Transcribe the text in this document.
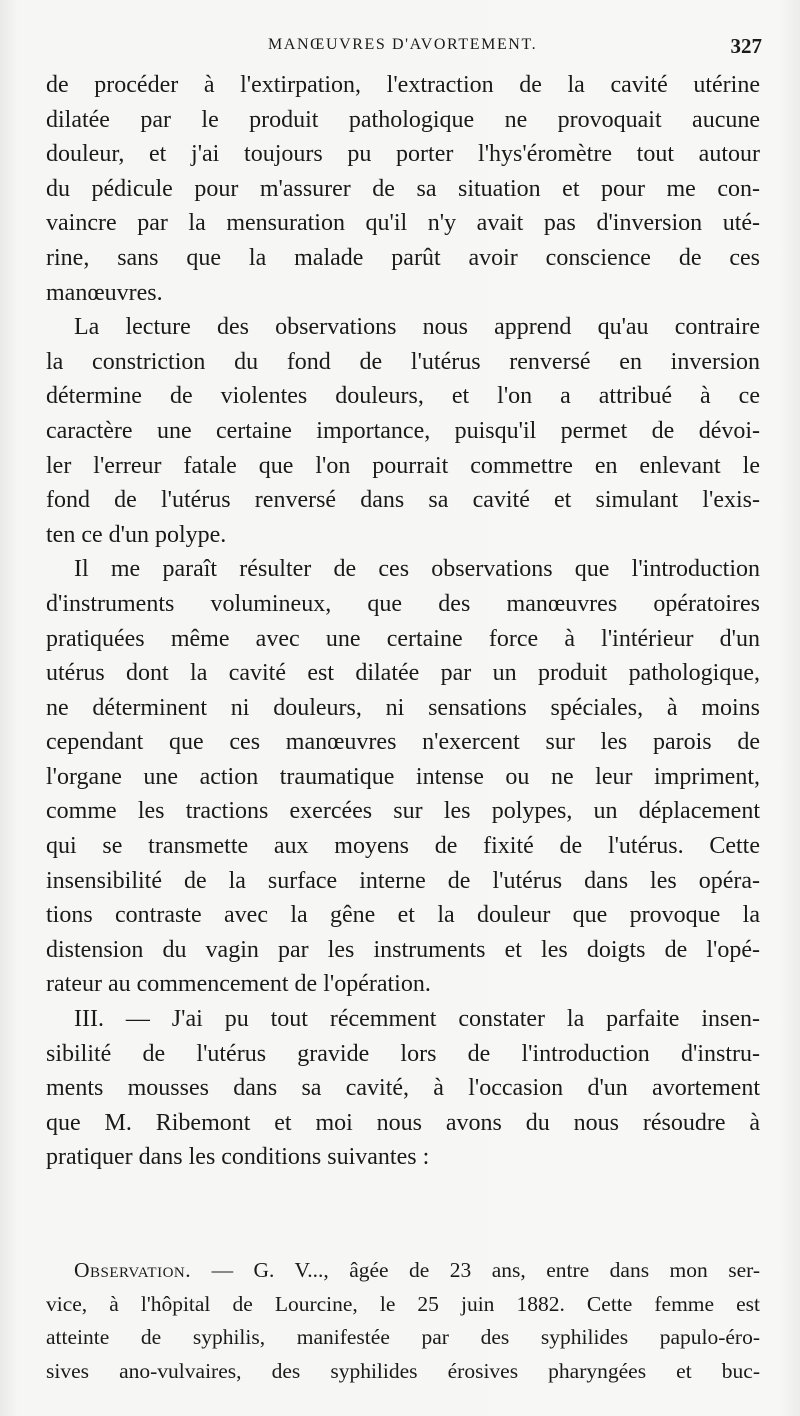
MANŒUVRES D'AVORTEMENT.	327
de procéder à l'extirpation, l'extraction de la cavité utérine
dilatée par le produit pathologique ne provoquait aucune
douleur, et j'ai toujours pu porter l'hys'éromètre tout autour
du pédicule pour m'assurer de sa situation et pour me con-
vaincre par la mensuration qu'il n'y avait pas d'inversion uté-
rine, sans que la malade parût avoir conscience de ces
manœuvres.
La lecture des observations nous apprend qu'au contraire
la constriction du fond de l'utérus renversé en inversion
détermine de violentes douleurs, et l'on a attribué à ce
caractère une certaine importance, puisqu'il permet de dévoi-
ler l'erreur fatale que l'on pourrait commettre en enlevant le
fond de l'utérus renversé dans sa cavité et simulant l'exis-
ten ce d'un polype.
Il me paraît résulter de ces observations que l'introduction
d'instruments volumineux, que des manœuvres opératoires
pratiquées même avec une certaine force à l'intérieur d'un
utérus dont la cavité est dilatée par un produit pathologique,
ne déterminent ni douleurs, ni sensations spéciales, à moins
cependant que ces manœuvres n'exercent sur les parois de
l'organe une action traumatique intense ou ne leur impriment,
comme les tractions exercées sur les polypes, un déplacement
qui se transmette aux moyens de fixité de l'utérus. Cette
insensibilité de la surface interne de l'utérus dans les opéra-
tions contraste avec la gêne et la douleur que provoque la
distension du vagin par les instruments et les doigts de l'opé-
rateur au commencement de l'opération.
III. — J'ai pu tout récemment constater la parfaite insen-
sibilité de l'utérus gravide lors de l'introduction d'instru-
ments mousses dans sa cavité, à l'occasion d'un avortement
que M. Ribemont et moi nous avons du nous résoudre à
pratiquer dans les conditions suivantes :
Observation. — G. V..., âgée de 23 ans, entre dans mon ser-
vice, à l'hôpital de Lourcine, le 25 juin 1882. Cette femme est
atteinte de syphilis, manifestée par des syphilides papulo-éro-
sives ano-vulvaires, des syphilides érosives pharyngées et buc-
